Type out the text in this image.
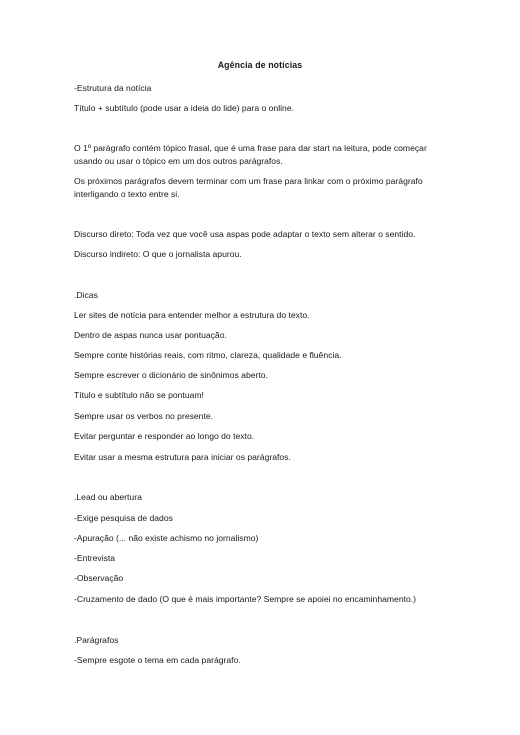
Agência de notícias
-Estrutura da notícia
Título + subtítulo (pode usar a ideia do lide) para o online.
O 1º parágrafo contém tópico frasal, que é uma frase para dar start na leitura, pode começar
usando ou usar o tópico em um dos outros parágrafos.
Os próximos parágrafos devem terminar com um frase para linkar com o próximo parágrafo
interligando o texto entre si.
Discurso direto: Toda vez que você usa aspas pode adaptar o texto sem alterar o sentido.
Discurso indireto: O que o jornalista apurou.
.Dicas
Ler sites de notícia para entender melhor a estrutura do texto.
Dentro de aspas nunca usar pontuação.
Sempre conte histórias reais, com ritmo, clareza, qualidade e fluência.
Sempre escrever o dicionário de sinônimos aberto.
Título e subtítulo não se pontuam!
Sempre usar os verbos no presente.
Evitar perguntar e responder ao longo do texto.
Evitar usar a mesma estrutura para iniciar os parágrafos.
.Lead ou abertura
-Exige pesquisa de dados
-Apuração (... não existe achismo no jornalismo)
-Entrevista
-Observação
-Cruzamento de dado (O que é mais importante? Sempre se apoiei no encaminhamento.)
.Parágrafos
-Sempre esgote o tema em cada parágrafo.
